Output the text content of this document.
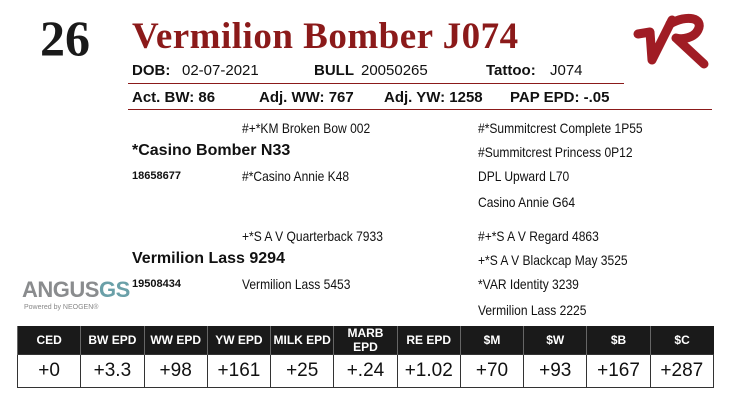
26 Vermilion Bomber J074
DOB: 02-07-2021	BULL 20050265	Tattoo: J074
Act. BW: 86	Adj. WW: 767 Adj. YW: 1258 PAP EPD: -.05
#+*KM Broken Bow 002	#*Summitcrest Complete 1P55
*Casino Bomber N33	#Summitcrest Princess 0P12
18658677	#*Casino Annie K48	DPL Upward L70
Casino Annie G64
+*S A V Quarterback 7933	#+*S A V Regard 4863
Vermilion Lass 9294	+*S A V Blackcap May 3525
19508434	Vermilion Lass 5453	*VAR Identity 3239
Vermilion Lass 2225
ANGUSGS
Powered by NEOGEN®
CED	BW EPD	WW EPD	YW EPD	MILK EPD	MARB EPD	RE EPD	$M	$W	$B	$C
+0	+3.3	+98	+161	+25	+.24	+1.02	+70	+93	+167	+287
